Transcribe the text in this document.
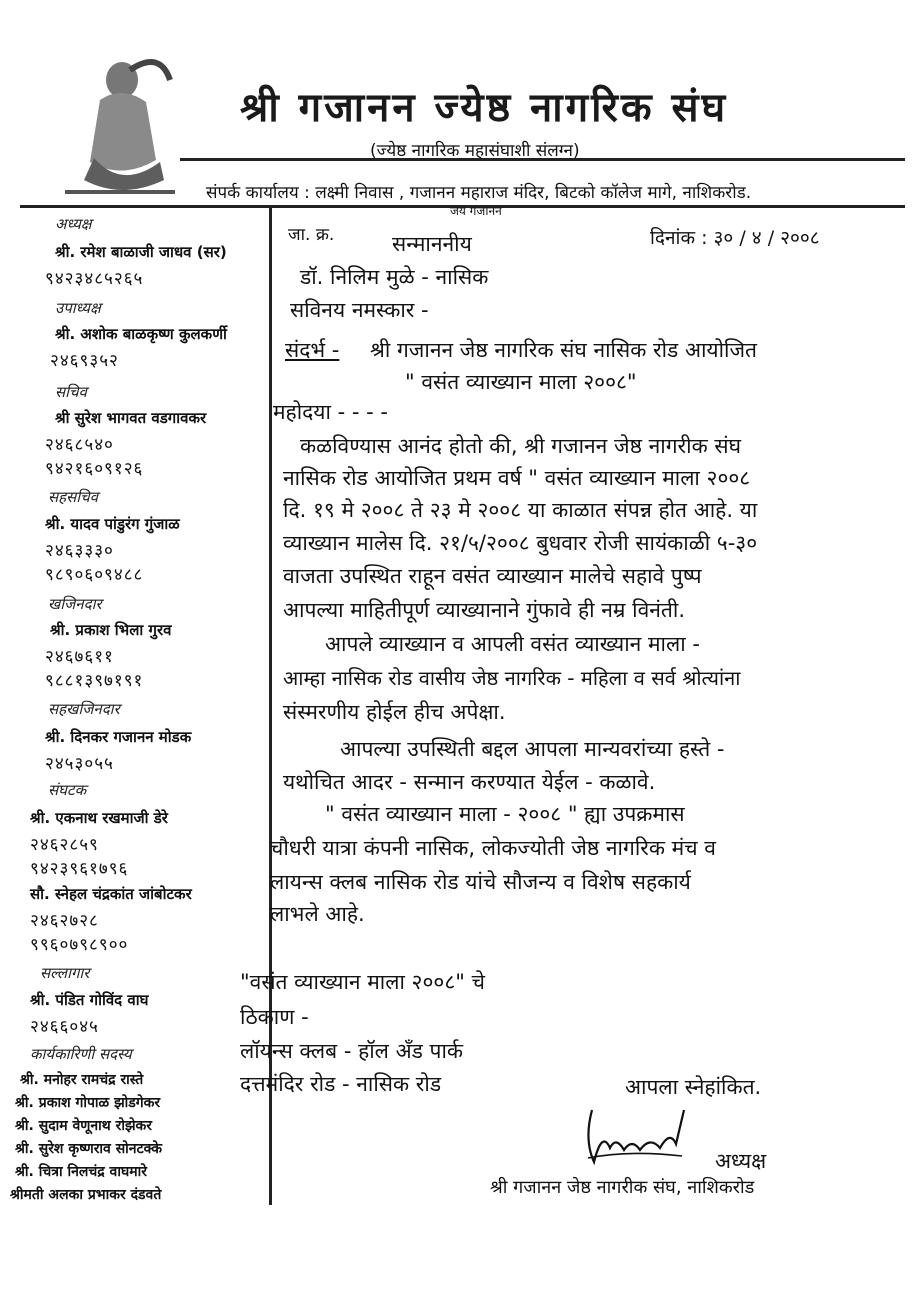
श्री गजानन ज्येष्ठ नागरिक संघ
(ज्येष्ठ नागरिक महासंघाशी संलग्न)
संपर्क कार्यालय : लक्ष्मी निवास , गजानन महाराज मंदिर, बिटको कॉलेज मागे, नाशिकरोड.
अध्यक्ष
श्री. रमेश बाळाजी जाधव (सर)
९४२३४८५२६५
उपाध्यक्ष
श्री. अशोक बाळकृष्ण कुलकर्णी
२४६९३५२
सचिव
श्री सुरेश भागवत वडगावकर
२४६८५४०
९४२१६०९१२६
सहसचिव
श्री. यादव पांडुरंग गुंजाळ
२४६३३३०
९८९०६०९४८८
खजिनदार
श्री. प्रकाश भिला गुरव
२४६७६११
९८८१३९७१९१
सहखजिनदार
श्री. दिनकर गजानन मोडक
२४५३०५५
संघटक
श्री. एकनाथ रखमाजी डेरे
२४६२८५९
९४२३९६१७९६
सौ. स्नेहल चंद्रकांत जांबोटकर
२४६२७२८
९९६०७९८९००
सल्लागार
श्री. पंडित गोविंद वाघ
२४६६०४५
कार्यकारिणी सदस्य
श्री. मनोहर रामचंद्र रास्ते
श्री. प्रकाश गोपाळ झोडगेकर
श्री. सुदाम वेणूनाथ रोझेकर
श्री. सुरेश कृष्णराव सोनटक्के
श्री. चित्रा निलचंद्र वाघमारे
श्रीमती अलका प्रभाकर दंडवते
जय गजानन
जा. क्र.	दिनांक : ३० / ४ / २००८
सन्माननीय
डॉ. निलिम मुळे - नासिक
सविनय नमस्कार -
संदर्भ - श्री गजानन जेष्ठ नागरिक संघ नासिक रोड आयोजित
" वसंत व्याख्यान माला २००८"
महोदया - - - -
कळविण्यास आनंद होतो की, श्री गजानन जेष्ठ नागरीक संघ
नासिक रोड आयोजित प्रथम वर्ष " वसंत व्याख्यान माला २००८
दि. १९ मे २००८ ते २३ मे २००८ या काळात संपन्न होत आहे. या
व्याख्यान मालेस दि. २१/५/२००८ बुधवार रोजी सायंकाळी ५-३०
वाजता उपस्थित राहून वसंत व्याख्यान मालेचे सहावे पुष्प
आपल्या माहितीपूर्ण व्याख्यानाने गुंफावे ही नम्र विनंती.
आपले व्याख्यान व आपली वसंत व्याख्यान माला -
आम्हा नासिक रोड वासीय जेष्ठ नागरिक - महिला व सर्व श्रोत्यांना
संस्मरणीय होईल हीच अपेक्षा.
आपल्या उपस्थिती बद्दल आपला मान्यवरांच्या हस्ते -
यथोचित आदर - सन्मान करण्यात येईल - कळावे.
" वसंत व्याख्यान माला - २००८ " ह्या उपक्रमास
चौधरी यात्रा कंपनी नासिक, लोकज्योती जेष्ठ नागरिक मंच व
लायन्स क्लब नासिक रोड यांचे सौजन्य व विशेष सहकार्य
लाभले आहे.
"वसंत व्याख्यान माला २००८" चे
ठिकाण -
लॉयन्स क्लब - हॉल अँड पार्क
दत्तमंदिर रोड - नासिक रोड	आपला स्नेहांकित.
अध्यक्ष
श्री गजानन जेष्ठ नागरीक संघ, नाशिकरोड
